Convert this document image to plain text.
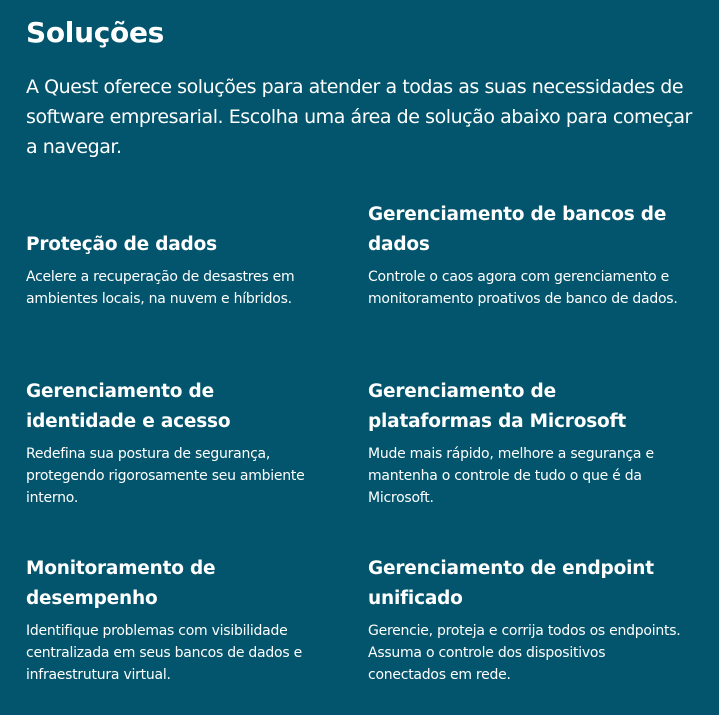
Soluções

A Quest oferece soluções para atender a todas as suas necessidades de software empresarial. Escolha uma área de solução abaixo para começar a navegar.

Proteção de dados

Acelere a recuperação de desastres em ambientes locais, na nuvem e híbridos.

Gerenciamento de bancos de dados

Controle o caos agora com gerenciamento e monitoramento proativos de banco de dados.

Gerenciamento de identidade e acesso

Redefina sua postura de segurança, protegendo rigorosamente seu ambiente interno.

Gerenciamento de plataformas da Microsoft

Mude mais rápido, melhore a segurança e mantenha o controle de tudo o que é da Microsoft.

Monitoramento de desempenho

Identifique problemas com visibilidade centralizada em seus bancos de dados e infraestrutura virtual.

Gerenciamento de endpoint unificado

Gerencie, proteja e corrija todos os endpoints. Assuma o controle dos dispositivos conectados em rede.
